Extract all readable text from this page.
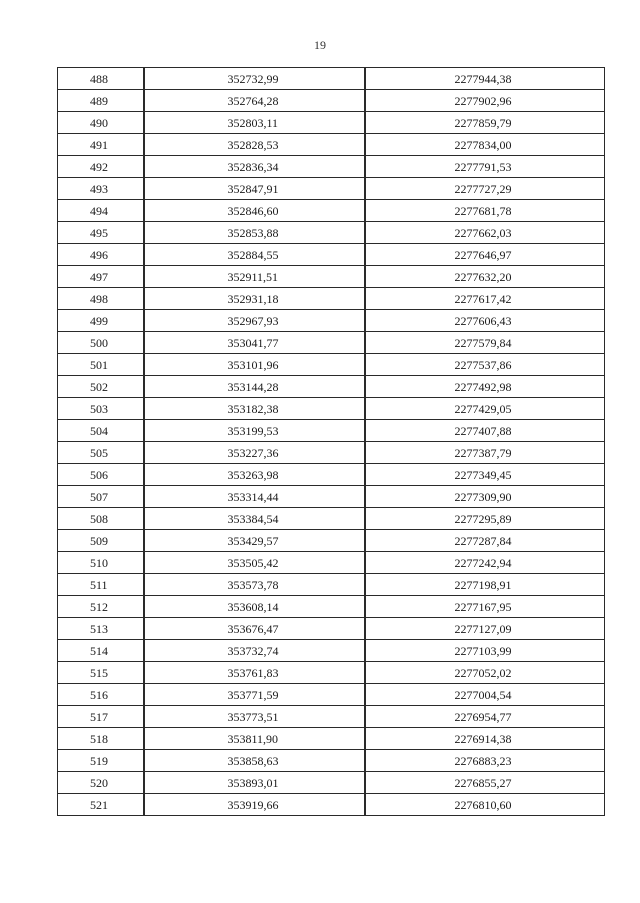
19
488	352732,99	2277944,38
489	352764,28	2277902,96
490	352803,11	2277859,79
491	352828,53	2277834,00
492	352836,34	2277791,53
493	352847,91	2277727,29
494	352846,60	2277681,78
495	352853,88	2277662,03
496	352884,55	2277646,97
497	352911,51	2277632,20
498	352931,18	2277617,42
499	352967,93	2277606,43
500	353041,77	2277579,84
501	353101,96	2277537,86
502	353144,28	2277492,98
503	353182,38	2277429,05
504	353199,53	2277407,88
505	353227,36	2277387,79
506	353263,98	2277349,45
507	353314,44	2277309,90
508	353384,54	2277295,89
509	353429,57	2277287,84
510	353505,42	2277242,94
511	353573,78	2277198,91
512	353608,14	2277167,95
513	353676,47	2277127,09
514	353732,74	2277103,99
515	353761,83	2277052,02
516	353771,59	2277004,54
517	353773,51	2276954,77
518	353811,90	2276914,38
519	353858,63	2276883,23
520	353893,01	2276855,27
521	353919,66	2276810,60
